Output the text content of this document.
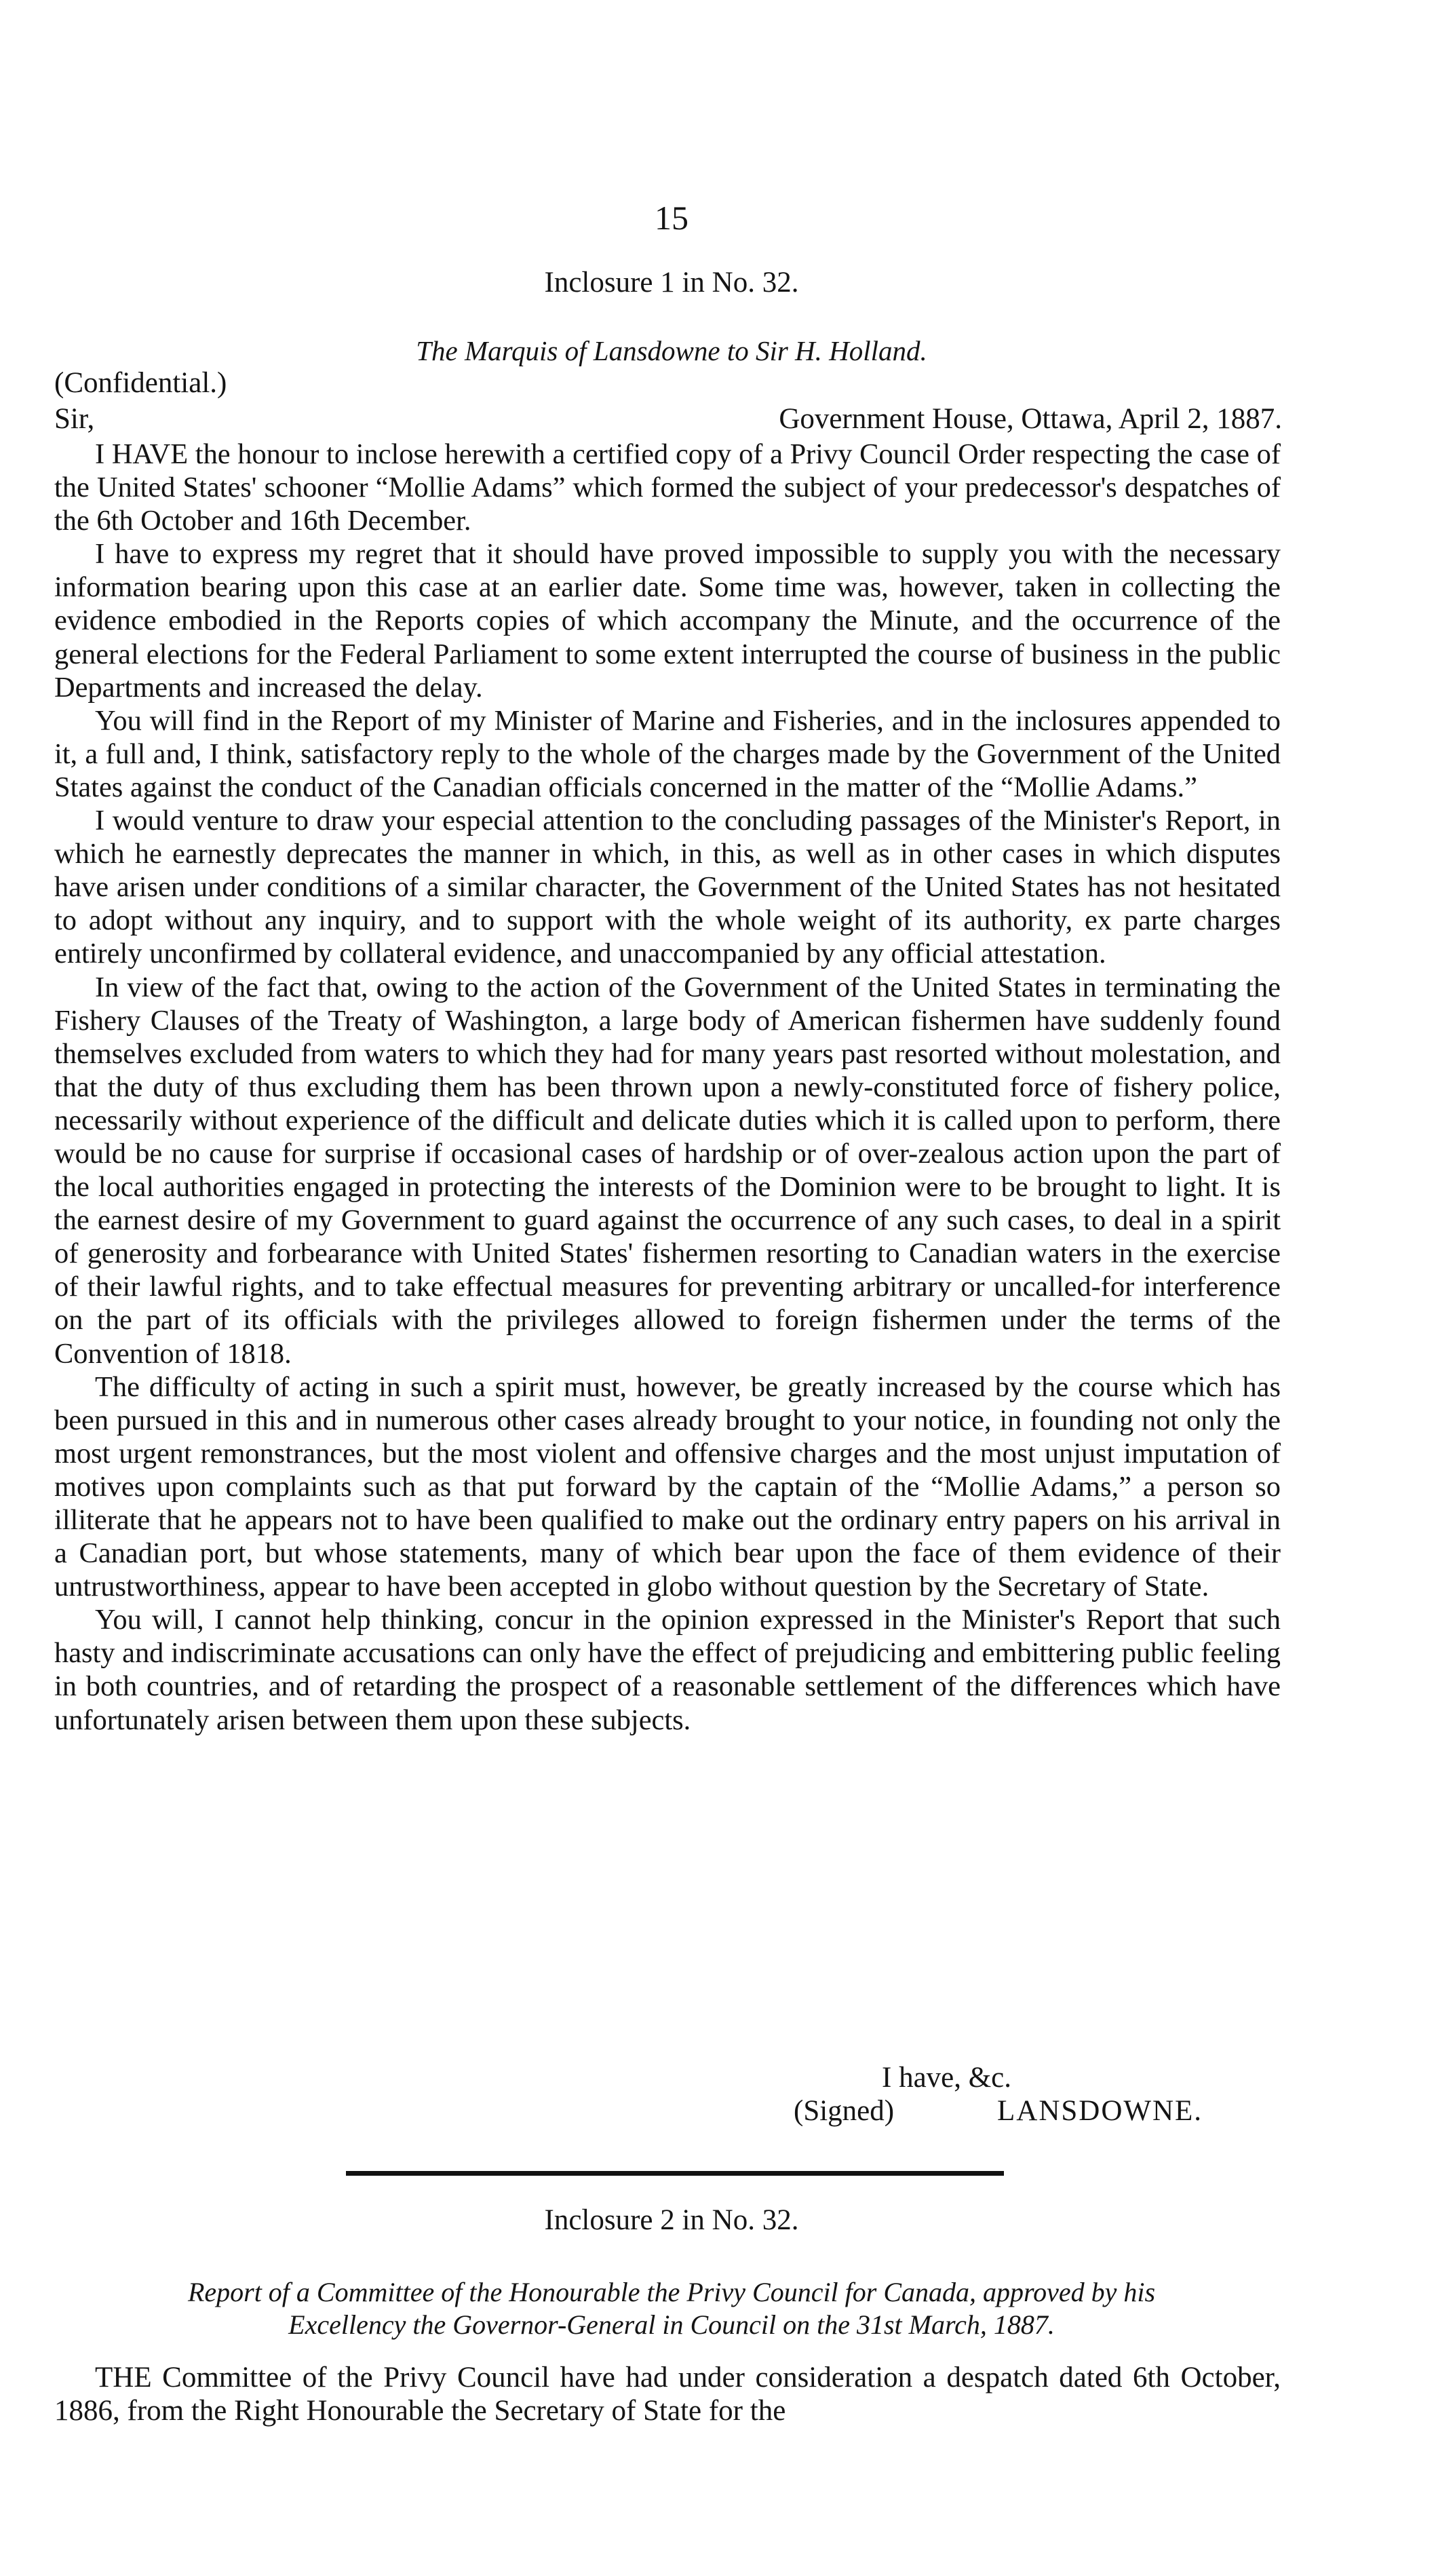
15
Inclosure 1 in No. 32.
The Marquis of Lansdowne to Sir H. Holland.
(Confidential.)
Sir,	Government House, Ottawa, April 2, 1887.

I HAVE the honour to inclose herewith a certified copy of a Privy Council Order respecting the case of the United States' schooner “Mollie Adams” which formed the subject of your predecessor's despatches of the 6th October and 16th December.

I have to express my regret that it should have proved impossible to supply you with the necessary information bearing upon this case at an earlier date. Some time was, however, taken in collecting the evidence embodied in the Reports copies of which accompany the Minute, and the occurrence of the general elections for the Federal Parliament to some extent interrupted the course of business in the public Departments and increased the delay.

You will find in the Report of my Minister of Marine and Fisheries, and in the inclosures appended to it, a full and, I think, satisfactory reply to the whole of the charges made by the Government of the United States against the conduct of the Canadian officials concerned in the matter of the “Mollie Adams.”

I would venture to draw your especial attention to the concluding passages of the Minister's Report, in which he earnestly deprecates the manner in which, in this, as well as in other cases in which disputes have arisen under conditions of a similar character, the Government of the United States has not hesitated to adopt without any inquiry, and to support with the whole weight of its authority, ex parte charges entirely unconfirmed by collateral evidence, and unaccompanied by any official attestation.

In view of the fact that, owing to the action of the Government of the United States in terminating the Fishery Clauses of the Treaty of Washington, a large body of American fishermen have suddenly found themselves excluded from waters to which they had for many years past resorted without molestation, and that the duty of thus excluding them has been thrown upon a newly-constituted force of fishery police, necessarily without experience of the difficult and delicate duties which it is called upon to perform, there would be no cause for surprise if occasional cases of hardship or of over-zealous action upon the part of the local authorities engaged in protecting the interests of the Dominion were to be brought to light. It is the earnest desire of my Government to guard against the occurrence of any such cases, to deal in a spirit of generosity and forbearance with United States' fishermen resorting to Canadian waters in the exercise of their lawful rights, and to take effectual measures for preventing arbitrary or uncalled-for interference on the part of its officials with the privileges allowed to foreign fishermen under the terms of the Convention of 1818.

The difficulty of acting in such a spirit must, however, be greatly increased by the course which has been pursued in this and in numerous other cases already brought to your notice, in founding not only the most urgent remonstrances, but the most violent and offensive charges and the most unjust imputation of motives upon complaints such as that put forward by the captain of the “Mollie Adams,” a person so illiterate that he appears not to have been qualified to make out the ordinary entry papers on his arrival in a Canadian port, but whose statements, many of which bear upon the face of them evidence of their untrustworthiness, appear to have been accepted in globo without question by the Secretary of State.

You will, I cannot help thinking, concur in the opinion expressed in the Minister's Report that such hasty and indiscriminate accusations can only have the effect of prejudicing and embittering public feeling in both countries, and of retarding the prospect of a reasonable settlement of the differences which have unfortunately arisen between them upon these subjects.

I have, &c.
(Signed)	LANSDOWNE.
Inclosure 2 in No. 32.
Report of a Committee of the Honourable the Privy Council for Canada, approved by his
Excellency the Governor-General in Council on the 31st March, 1887.

THE Committee of the Privy Council have had under consideration a despatch dated 6th October, 1886, from the Right Honourable the Secretary of State for the
